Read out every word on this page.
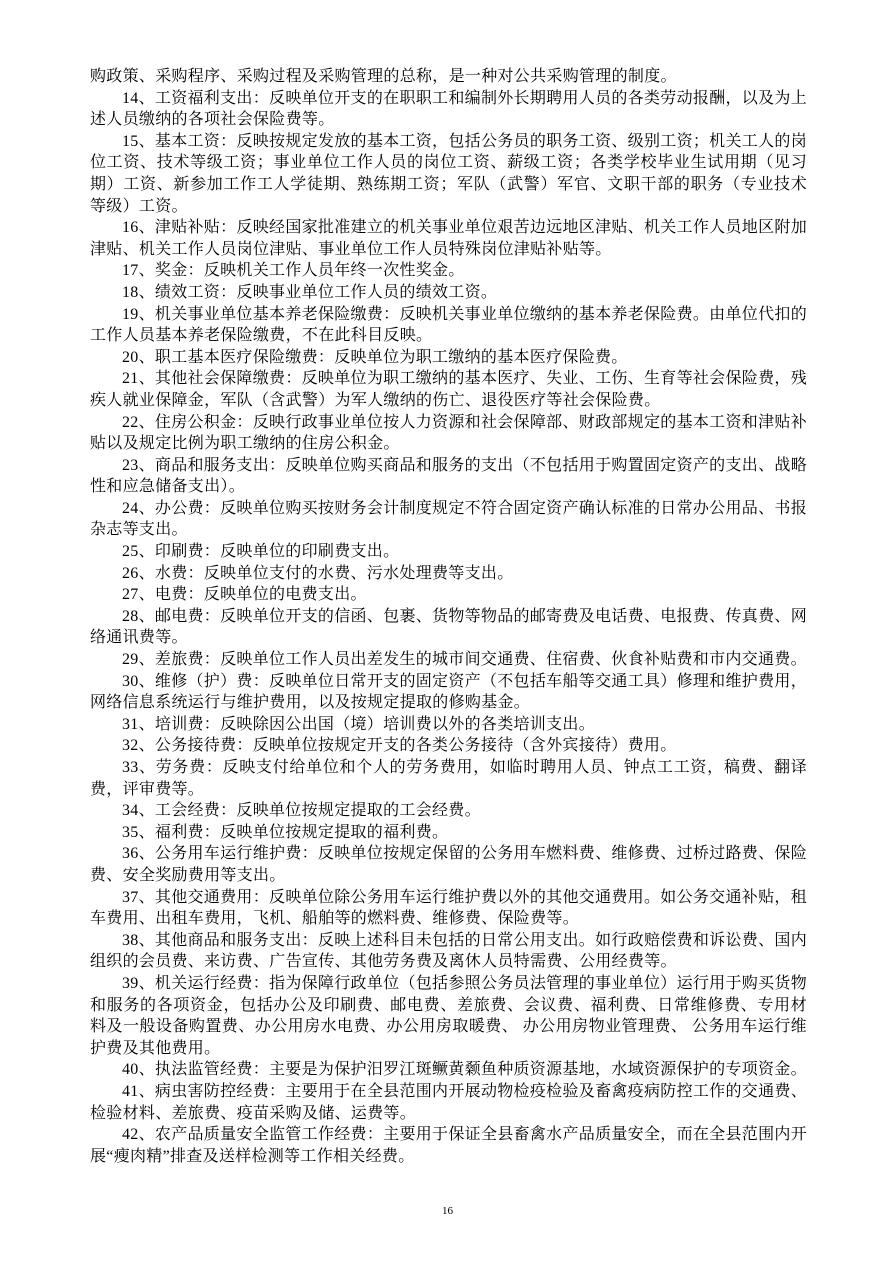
购政策、采购程序、采购过程及采购管理的总称，是一种对公共采购管理的制度。

14、工资福利支出：反映单位开支的在职职工和编制外长期聘用人员的各类劳动报酬，以及为上述人员缴纳的各项社会保险费等。

15、基本工资：反映按规定发放的基本工资，包括公务员的职务工资、级别工资；机关工人的岗位工资、技术等级工资；事业单位工作人员的岗位工资、薪级工资；各类学校毕业生试用期（见习期）工资、新参加工作工人学徒期、熟练期工资；军队（武警）军官、文职干部的职务（专业技术等级）工资。

16、津贴补贴：反映经国家批准建立的机关事业单位艰苦边远地区津贴、机关工作人员地区附加津贴、机关工作人员岗位津贴、事业单位工作人员特殊岗位津贴补贴等。

17、奖金：反映机关工作人员年终一次性奖金。

18、绩效工资：反映事业单位工作人员的绩效工资。

19、机关事业单位基本养老保险缴费：反映机关事业单位缴纳的基本养老保险费。由单位代扣的工作人员基本养老保险缴费，不在此科目反映。

20、职工基本医疗保险缴费：反映单位为职工缴纳的基本医疗保险费。

21、其他社会保障缴费：反映单位为职工缴纳的基本医疗、失业、工伤、生育等社会保险费，残疾人就业保障金，军队（含武警）为军人缴纳的伤亡、退役医疗等社会保险费。

22、住房公积金：反映行政事业单位按人力资源和社会保障部、财政部规定的基本工资和津贴补贴以及规定比例为职工缴纳的住房公积金。

23、商品和服务支出：反映单位购买商品和服务的支出（不包括用于购置固定资产的支出、战略性和应急储备支出）。

24、办公费：反映单位购买按财务会计制度规定不符合固定资产确认标准的日常办公用品、书报杂志等支出。

25、印刷费：反映单位的印刷费支出。

26、水费：反映单位支付的水费、污水处理费等支出。

27、电费：反映单位的电费支出。

28、邮电费：反映单位开支的信函、包裹、货物等物品的邮寄费及电话费、电报费、传真费、网络通讯费等。

29、差旅费：反映单位工作人员出差发生的城市间交通费、住宿费、伙食补贴费和市内交通费。

30、维修（护）费：反映单位日常开支的固定资产（不包括车船等交通工具）修理和维护费用，网络信息系统运行与维护费用，以及按规定提取的修购基金。

31、培训费：反映除因公出国（境）培训费以外的各类培训支出。

32、公务接待费：反映单位按规定开支的各类公务接待（含外宾接待）费用。

33、劳务费：反映支付给单位和个人的劳务费用，如临时聘用人员、钟点工工资，稿费、翻译费，评审费等。

34、工会经费：反映单位按规定提取的工会经费。

35、福利费：反映单位按规定提取的福利费。

36、公务用车运行维护费：反映单位按规定保留的公务用车燃料费、维修费、过桥过路费、保险费、安全奖励费用等支出。

37、其他交通费用：反映单位除公务用车运行维护费以外的其他交通费用。如公务交通补贴，租车费用、出租车费用，飞机、船舶等的燃料费、维修费、保险费等。

38、其他商品和服务支出：反映上述科目未包括的日常公用支出。如行政赔偿费和诉讼费、国内组织的会员费、来访费、广告宣传、其他劳务费及离休人员特需费、公用经费等。

39、机关运行经费：指为保障行政单位（包括参照公务员法管理的事业单位）运行用于购买货物和服务的各项资金，包括办公及印刷费、邮电费、差旅费、会议费、福利费、日常维修费、专用材料及一般设备购置费、办公用房水电费、办公用房取暖费、 办公用房物业管理费、 公务用车运行维护费及其他费用。

40、执法监管经费：主要是为保护汨罗江斑鳜黄颡鱼种质资源基地，水域资源保护的专项资金。

41、病虫害防控经费：主要用于在全县范围内开展动物检疫检验及畜禽疫病防控工作的交通费、检验材料、差旅费、疫苗采购及储、运费等。

42、农产品质量安全监管工作经费：主要用于保证全县畜禽水产品质量安全，而在全县范围内开展“瘦肉精”排查及送样检测等工作相关经费。

16
